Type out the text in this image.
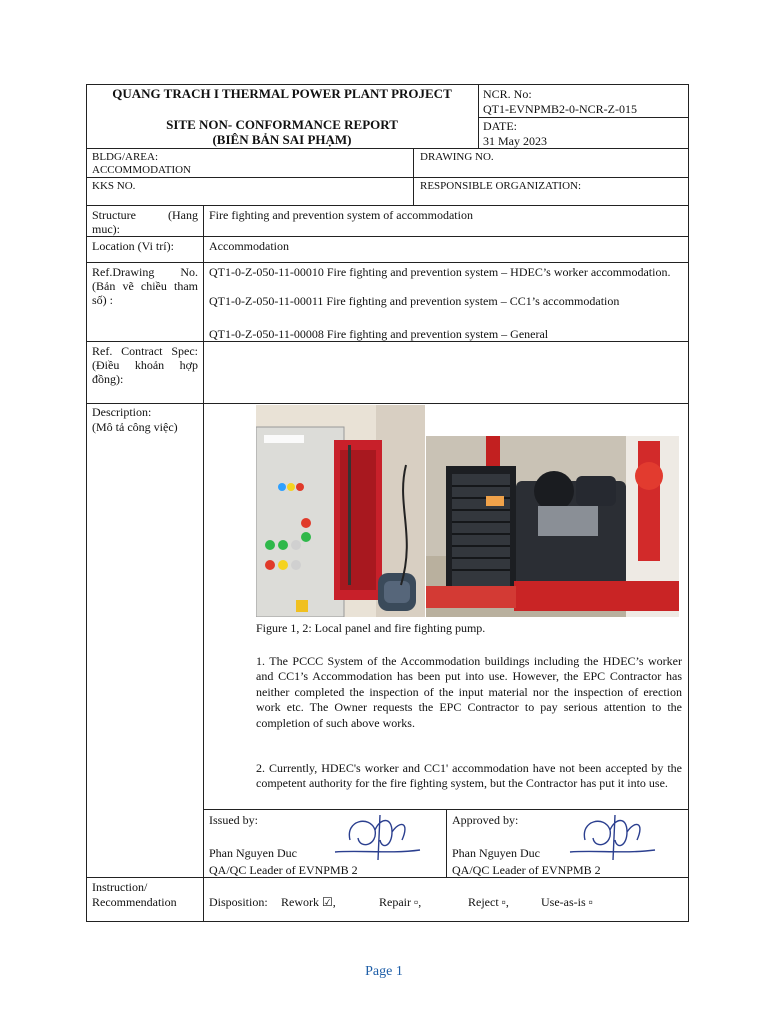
QUANG TRACH I THERMAL POWER PLANT PROJECT
SITE NON- CONFORMANCE REPORT
(BIÊN BẢN SAI PHẠM)
NCR. No:
QT1-EVNPMB2-0-NCR-Z-015
DATE:
31 May 2023
BLDG/AREA:
ACCOMMODATION
DRAWING NO.
KKS NO.	RESPONSIBLE ORGANIZATION:
Structure (Hang muc):
Fire fighting and prevention system of accommodation
Location (Vi trí):	Accommodation
Ref.Drawing No. (Bản vẽ chiều tham số) :
QT1-0-Z-050-11-00010 Fire fighting and prevention system – HDEC’s worker accommodation.
QT1-0-Z-050-11-00011 Fire fighting and prevention system – CC1’s accommodation
QT1-0-Z-050-11-00008 Fire fighting and prevention system – General
Ref. Contract Spec: (Điều khoản hợp đồng):
Description:
(Mô tả công việc)
Figure 1, 2: Local panel and fire fighting pump.
1. The PCCC System of the Accommodation buildings including the HDEC’s worker and CC1’s Accommodation has been put into use. However, the EPC Contractor has neither completed the inspection of the input material nor the inspection of erection work etc. The Owner requests the EPC Contractor to pay serious attention to the completion of such above works.
2. Currently, HDEC's worker and CC1' accommodation have not been accepted by the competent authority for the fire fighting system, but the Contractor has put it into use.
Issued by:
Phan Nguyen Duc
QA/QC Leader of EVNPMB 2
Approved by:
Phan Nguyen Duc
QA/QC Leader of EVNPMB 2
Instruction/ Recommendation	Disposition: Rework ☑,	Repair ▫,	Reject ▫,	Use-as-is ▫
Page 1
